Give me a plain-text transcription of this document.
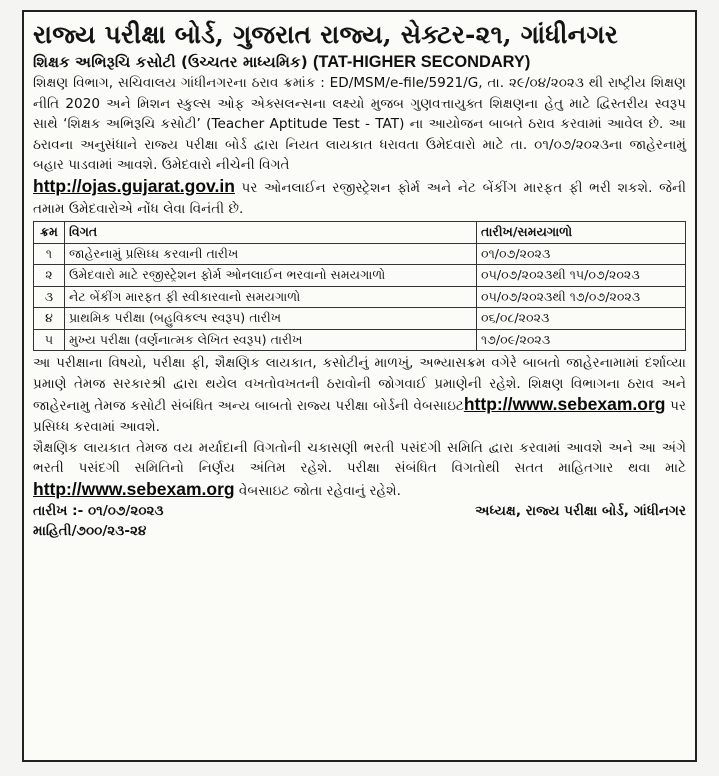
રાજ્ય પરીક્ષા બોર્ડ, ગુજરાત રાજ્ય, સેક્ટર-૨૧, ગાંધીનગર
શિક્ષક અભિરૂચિ કસોટી (ઉચ્ચતર માધ્યમિક) (TAT-HIGHER SECONDARY)
શિક્ષણ વિભાગ, સચિવાલય ગાંધીનગરના ઠરાવ ક્રમાંક : ED/MSM/e-file/5921/G, તા. ૨૯/૦૪/૨૦૨૩ થી રાષ્ટ્રીય શિક્ષણ નીતિ 2020 અને મિશન સ્કુલ્સ ઓફ એક્સલન્સના લક્ષ્યો મુજબ ગુણવત્તાયુક્ત શિક્ષણના હેતુ માટે દ્વિસ્તરીય સ્વરૂપ સાથે ‘શિક્ષક અભિરૂચિ કસોટી’ (Teacher Aptitude Test - TAT) ના આયોજન બાબતે ઠરાવ કરવામાં આવેલ છે. આ ઠરાવના અનુસંધાને રાજ્ય પરીક્ષા બોર્ડ દ્વારા નિયત લાયકાત ધરાવતા ઉમેદવારો માટે તા. ૦૧/૦૭/૨૦૨૩ના જાહેરનામું બહાર પાડવામાં આવશે. ઉમેદવારો નીચેની વિગતે
http://ojas.gujarat.gov.in પર ઓનલાઈન રજીસ્ટ્રેશન ફોર્મ અને નેટ બેંકીંગ મારફત ફી ભરી શકશે. જેની તમામ ઉમેદવારોએ નોંધ લેવા વિનંતી છે.
ક્રમ	વિગત	તારીખ/સમયગાળો
૧	જાહેરનામું પ્રસિધ્ધ કરવાની તારીખ	૦૧/૦૭/૨૦૨૩
૨	ઉમેદવારો માટે રજીસ્ટ્રેશન ફોર્મ ઓનલાઈન ભરવાનો સમયગાળો	૦૫/૦૭/૨૦૨૩થી ૧૫/૦૭/૨૦૨૩
૩	નેટ બેંકીંગ મારફત ફી સ્વીકારવાનો સમયગાળો	૦૫/૦૭/૨૦૨૩થી ૧૭/૦૭/૨૦૨૩
૪	પ્રાથમિક પરીક્ષા (બહુવિકલ્પ સ્વરૂપ) તારીખ	૦૬/૦૮/૨૦૨૩
૫	મુખ્ય પરીક્ષા (વર્ણનાત્મક લેખિત સ્વરૂપ) તારીખ	૧૭/૦૯/૨૦૨૩
આ પરીક્ષાના વિષયો, પરીક્ષા ફી, શૈક્ષણિક લાયકાત, કસોટીનું માળખું, અભ્યાસક્રમ વગેરે બાબતો જાહેરનામામાં દર્શાવ્યા પ્રમાણે તેમજ સરકારશ્રી દ્વારા થયેલ વખતોવખતની ઠરાવોની જોગવાઈ પ્રમાણેની રહેશે. શિક્ષણ વિભાગના ઠરાવ અને જાહેરનામુ તેમજ કસોટી સંબંધિત અન્ય બાબતો રાજ્ય પરીક્ષા બોર્ડની વેબસાઇટhttp://www.sebexam.org પર પ્રસિધ્ધ કરવામાં આવશે.
શૈક્ષણિક લાયકાત તેમજ વય મર્યાદાની વિગતોની ચકાસણી ભરતી પસંદગી સમિતિ દ્વારા કરવામાં આવશે અને આ અંગે ભરતી પસંદગી સમિતિનો નિર્ણય અંતિમ રહેશે. પરીક્ષા સંબંધિત વિગતોથી સતત માહિતગાર થવા માટે http://www.sebexam.org વેબસાઇટ જોતા રહેવાનું રહેશે.
તારીખ :- ૦૧/૦૭/૨૦૨૩	અધ્યક્ષ, રાજ્ય પરીક્ષા બોર્ડ, ગાંધીનગર
માહિતી/૭૦૦/૨૩-૨૪
